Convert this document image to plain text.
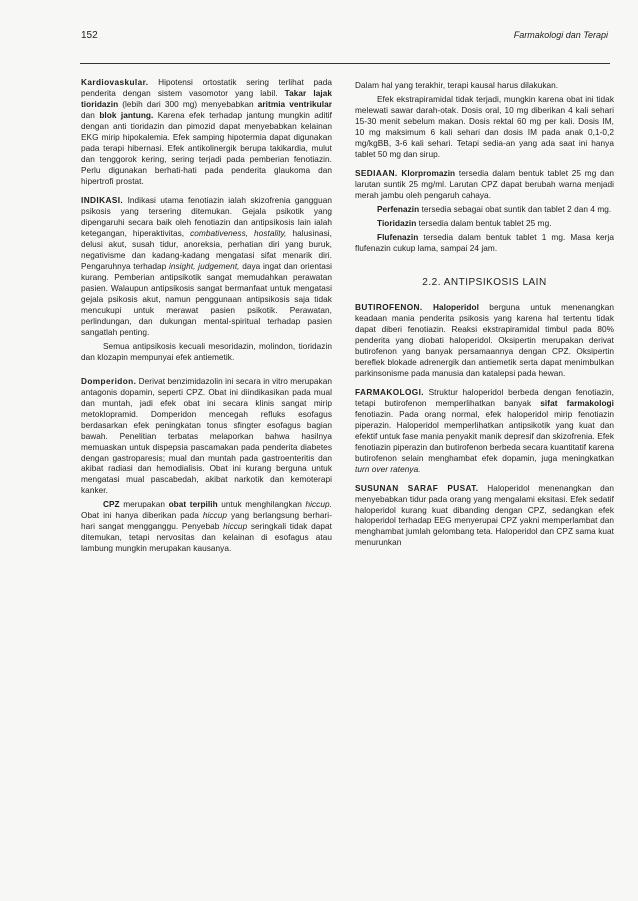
152	Farmakologi dan Terapi

Kardiovaskular. Hipotensi ortostatik sering terlihat pada penderita dengan sistem vasomotor yang labil. Takar lajak tioridazin (lebih dari 300 mg) menyebabkan aritmia ventrikular dan blok jantung. Karena efek terhadap jantung mungkin aditif dengan anti tioridazin dan pimozid dapat menyebabkan kelainan EKG mirip hipokalemia. Efek samping hipotermia dapat digunakan pada terapi hibernasi. Efek antikolinergik berupa takikardia, mulut dan tenggorok kering, sering terjadi pada pemberian fenotiazin. Perlu digunakan berhati-hati pada penderita glaukoma dan hipertrofi prostat.

INDIKASI. Indikasi utama fenotiazin ialah skizofrenia gangguan psikosis yang tersering ditemukan. Gejala psikotik yang dipengaruhi secara baik oleh fenotiazin dan antipsikosis lain ialah ketegangan, hiperaktivitas, combativeness, hostality, halusinasi, delusi akut, susah tidur, anoreksia, perhatian diri yang buruk, negativisme dan kadang-kadang mengatasi sifat menarik diri. Pengaruhnya terhadap insight, judgement, daya ingat dan orientasi kurang. Pemberian antipsikotik sangat memudahkan perawatan pasien. Walaupun antipsikosis sangat bermanfaat untuk mengatasi gejala psikosis akut, namun penggunaan antipsikosis saja tidak mencukupi untuk merawat pasien psikotik. Perawatan, perlindungan, dan dukungan mental-spiritual terhadap pasien sangatlah penting.

Semua antipsikosis kecuali mesoridazin, molindon, tioridazin dan klozapin mempunyai efek antiemetik.

Domperidon. Derivat benzimidazolin ini secara in vitro merupakan antagonis dopamin, seperti CPZ. Obat ini diindikasikan pada mual dan muntah, jadi efek obat ini secara klinis sangat mirip metoklopramid. Domperidon mencegah refluks esofagus berdasarkan efek peningkatan tonus sfingter esofagus bagian bawah. Penelitian terbatas melaporkan bahwa hasilnya memuaskan untuk dispepsia pascamakan pada penderita diabetes dengan gastroparesis; mual dan muntah pada gastroenteritis dan akibat radiasi dan hemodialisis. Obat ini kurang berguna untuk mengatasi mual pascabedah, akibat narkotik dan kemoterapi kanker.

CPZ merupakan obat terpilih untuk menghilangkan hiccup. Obat ini hanya diberikan pada hiccup yang berlangsung berhari-hari sangat mengganggu. Penyebab hiccup seringkali tidak dapat ditemukan, tetapi nervositas dan kelainan di esofagus atau lambung mungkin merupakan kausanya.

Dalam hal yang terakhir, terapi kausal harus dilakukan.

Efek ekstrapiramidal tidak terjadi, mungkin karena obat ini tidak melewati sawar darah-otak. Dosis oral, 10 mg diberikan 4 kali sehari 15-30 menit sebelum makan. Dosis rektal 60 mg per kali. Dosis IM, 10 mg maksimum 6 kali sehari dan dosis IM pada anak 0,1-0,2 mg/kgBB, 3-6 kali sehari. Tetapi sedia-an yang ada saat ini hanya tablet 50 mg dan sirup.

SEDIAAN. Klorpromazin tersedia dalam bentuk tablet 25 mg dan larutan suntik 25 mg/ml. Larutan CPZ dapat berubah warna menjadi merah jambu oleh pengaruh cahaya.

Perfenazin tersedia sebagai obat suntik dan tablet 2 dan 4 mg.

Tioridazin tersedia dalam bentuk tablet 25 mg.

Flufenazin tersedia dalam bentuk tablet 1 mg. Masa kerja flufenazin cukup lama, sampai 24 jam.

2.2. ANTIPSIKOSIS LAIN

BUTIROFENON. Haloperidol berguna untuk menenangkan keadaan mania penderita psikosis yang karena hal tertentu tidak dapat diberi fenotiazin. Reaksi ekstrapiramidal timbul pada 80% penderita yang diobati haloperidol. Oksipertin merupakan derivat butirofenon yang banyak persamaannya dengan CPZ. Oksipertin bereflek blokade adrenergik dan antiemetik serta dapat menimbulkan parkinsonisme pada manusia dan katalepsi pada hewan.

FARMAKOLOGI. Struktur haloperidol berbeda dengan fenotiazin, tetapi butirofenon memperlihatkan banyak sifat farmakologi fenotiazin. Pada orang normal, efek haloperidol mirip fenotiazin piperazin. Haloperidol memperlihatkan antipsikotik yang kuat dan efektif untuk fase mania penyakit manik depresif dan skizofrenia. Efek fenotiazin piperazin dan butirofenon berbeda secara kuantitatif karena butirofenon selain menghambat efek dopamin, juga meningkatkan turn over ratenya.

SUSUNAN SARAF PUSAT. Haloperidol menenangkan dan menyebabkan tidur pada orang yang mengalami eksitasi. Efek sedatif haloperidol kurang kuat dibanding dengan CPZ, sedangkan efek haloperidol terhadap EEG menyerupai CPZ yakni memperlambat dan menghambat jumlah gelombang teta. Haloperidol dan CPZ sama kuat menurunkan
